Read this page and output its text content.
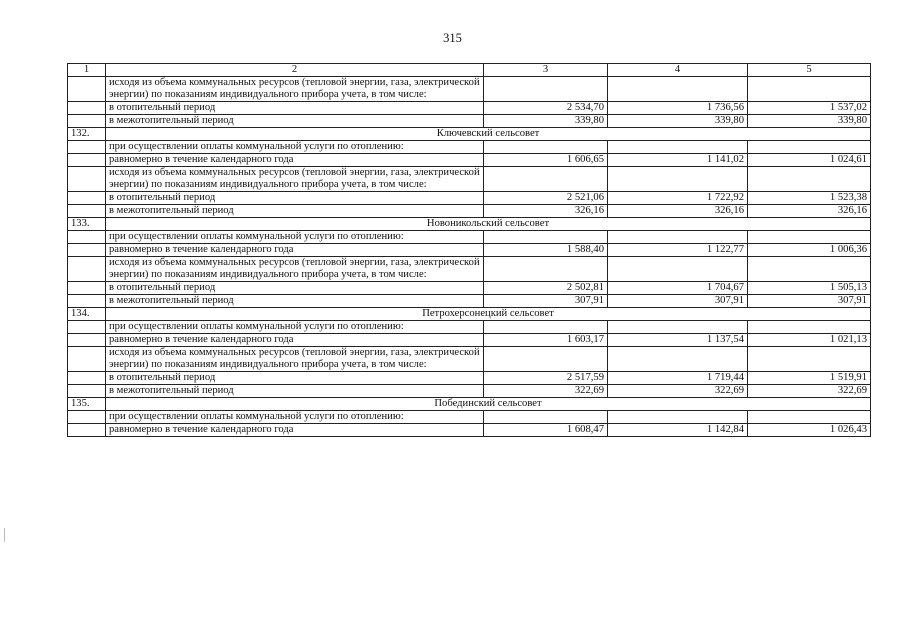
315
1	2	3	4	5
	исходя из объема коммунальных ресурсов (тепловой энергии, газа, электрической энергии) по показаниям индивидуального прибора учета, в том числе:			
	в отопительный период	2 534,70	1 736,56	1 537,02
	в межотопительный период	339,80	339,80	339,80
132.	Ключевский сельсовет			
	при осуществлении оплаты коммунальной услуги по отоплению:			
	равномерно в течение календарного года	1 606,65	1 141,02	1 024,61
	исходя из объема коммунальных ресурсов (тепловой энергии, газа, электрической энергии) по показаниям индивидуального прибора учета, в том числе:			
	в отопительный период	2 521,06	1 722,92	1 523,38
	в межотопительный период	326,16	326,16	326,16
133.	Новоникольский сельсовет			
	при осуществлении оплаты коммунальной услуги по отоплению:			
	равномерно в течение календарного года	1 588,40	1 122,77	1 006,36
	исходя из объема коммунальных ресурсов (тепловой энергии, газа, электрической энергии) по показаниям индивидуального прибора учета, в том числе:			
	в отопительный период	2 502,81	1 704,67	1 505,13
	в межотопительный период	307,91	307,91	307,91
134.	Петрохерсонецкий сельсовет			
	при осуществлении оплаты коммунальной услуги по отоплению:			
	равномерно в течение календарного года	1 603,17	1 137,54	1 021,13
	исходя из объема коммунальных ресурсов (тепловой энергии, газа, электрической энергии) по показаниям индивидуального прибора учета, в том числе:			
	в отопительный период	2 517,59	1 719,44	1 519,91
	в межотопительный период	322,69	322,69	322,69
135.	Побединский сельсовет			
	при осуществлении оплаты коммунальной услуги по отоплению:			
	равномерно в течение календарного года	1 608,47	1 142,84	1 026,43
